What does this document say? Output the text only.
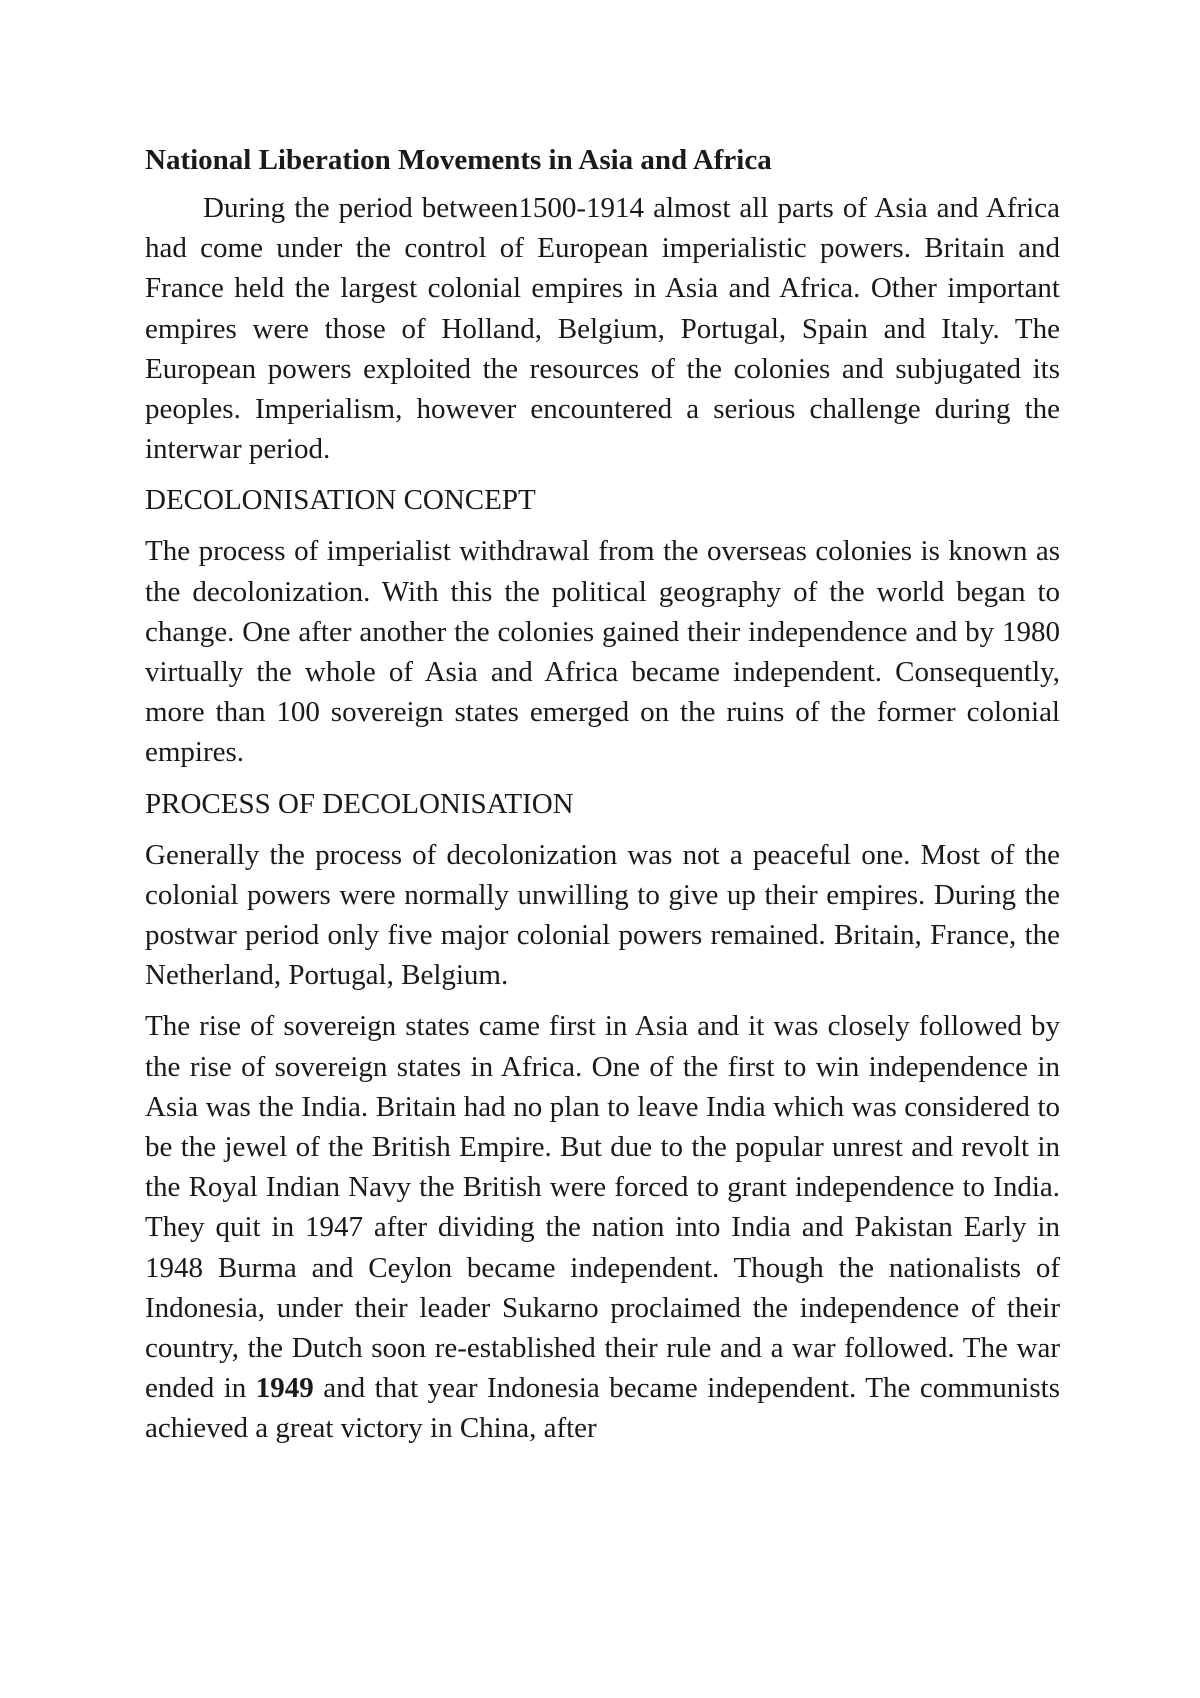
National Liberation Movements in Asia and Africa

During the period between1500-1914 almost all parts of Asia and Africa had come under the control of European imperialistic powers. Britain and France held the largest colonial empires in Asia and Africa. Other important empires were those of Holland, Belgium, Portugal, Spain and Italy. The European powers exploited the resources of the colonies and subjugated its peoples. Imperialism, however encountered a serious challenge during the interwar period.

DECOLONISATION CONCEPT

The process of imperialist withdrawal from the overseas colonies is known as the decolonization. With this the political geography of the world began to change. One after another the colonies gained their independence and by 1980 virtually the whole of Asia and Africa became independent. Consequently, more than 100 sovereign states emerged on the ruins of the former colonial empires.

PROCESS OF DECOLONISATION

Generally the process of decolonization was not a peaceful one. Most of the colonial powers were normally unwilling to give up their empires. During the postwar period only five major colonial powers remained. Britain, France, the Netherland, Portugal, Belgium.

The rise of sovereign states came first in Asia and it was closely followed by the rise of sovereign states in Africa. One of the first to win independence in Asia was the India. Britain had no plan to leave India which was considered to be the jewel of the British Empire. But due to the popular unrest and revolt in the Royal Indian Navy the British were forced to grant independence to India. They quit in 1947 after dividing the nation into India and Pakistan Early in 1948 Burma and Ceylon became independent. Though the nationalists of Indonesia, under their leader Sukarno proclaimed the independence of their country, the Dutch soon re-established their rule and a war followed. The war ended in 1949 and that year Indonesia became independent. The communists achieved a great victory in China, after
